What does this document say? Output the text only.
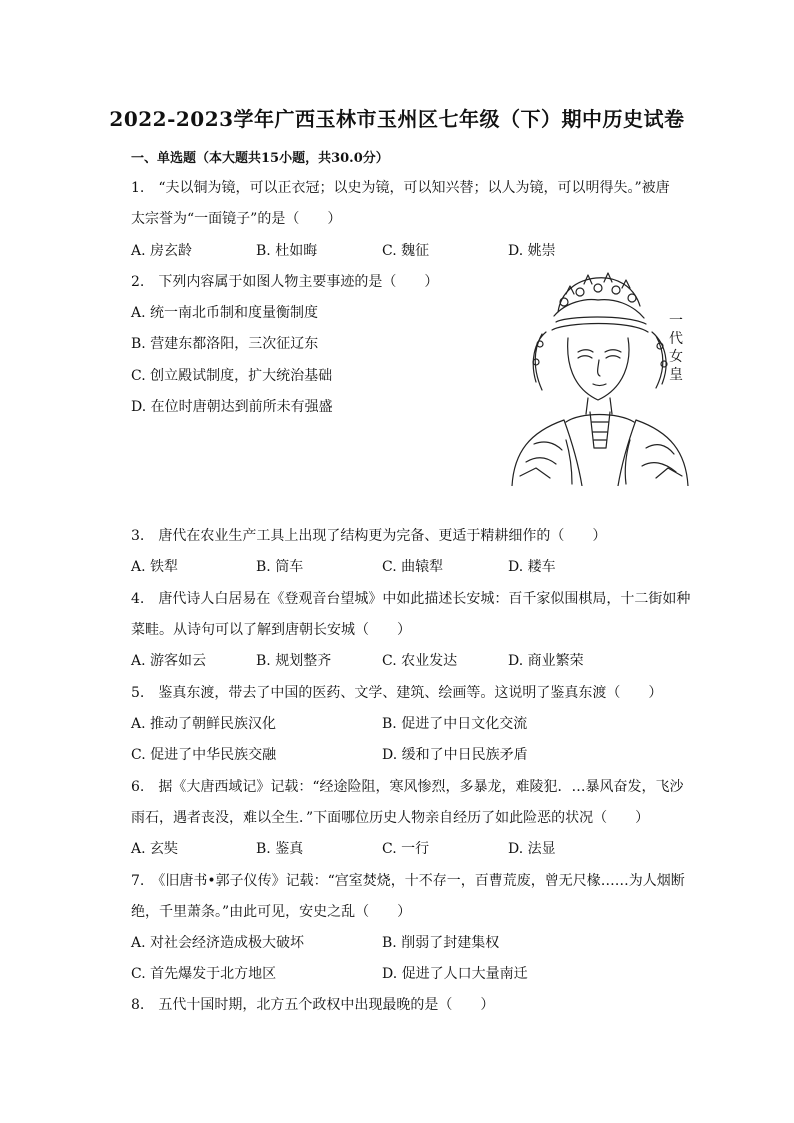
2022-2023学年广西玉林市玉州区七年级（下）期中历史试卷
一、单选题（本大题共15小题，共30.0分）
1.　“夫以铜为镜，可以正衣冠；以史为镜，可以知兴替；以人为镜，可以明得失。”被唐
太宗誉为“一面镜子”的是（　　）
A. 房玄龄	B. 杜如晦	C. 魏征	D. 姚崇
2.　下列内容属于如图人物主要事迹的是（　　）
A. 统一南北币制和度量衡制度
B. 营建东都洛阳，三次征辽东
C. 创立殿试制度，扩大统治基础
D. 在位时唐朝达到前所未有强盛
一
代
女
皇
3.　唐代在农业生产工具上出现了结构更为完备、更适于精耕细作的（　　）
A. 铁犁	B. 筒车	C. 曲辕犁	D. 耧车
4.　唐代诗人白居易在《登观音台望城》中如此描述长安城：百千家似围棋局，十二街如种
菜畦。从诗句可以了解到唐朝长安城（　　）
A. 游客如云	B. 规划整齐	C. 农业发达	D. 商业繁荣
5.　鉴真东渡，带去了中国的医药、文学、建筑、绘画等。这说明了鉴真东渡（　　）
A. 推动了朝鲜民族汉化	B. 促进了中日文化交流
C. 促进了中华民族交融	D. 缓和了中日民族矛盾
6.　据《大唐西域记》记载：“经途险阻，寒风惨烈，多暴龙，难陵犯．…暴风奋发，飞沙
雨石，遇者丧没，难以全生．”下面哪位历史人物亲自经历了如此险恶的状况（　　）
A. 玄奘	B. 鉴真	C. 一行	D. 法显
7.　《旧唐书•郭子仪传》记载：“宫室焚烧，十不存一，百曹荒废，曾无尺椽……为人烟断
绝，千里萧条。”由此可见，安史之乱（　　）
A. 对社会经济造成极大破坏	B. 削弱了封建集权
C. 首先爆发于北方地区	D. 促进了人口大量南迁
8.　五代十国时期，北方五个政权中出现最晚的是（　　）
